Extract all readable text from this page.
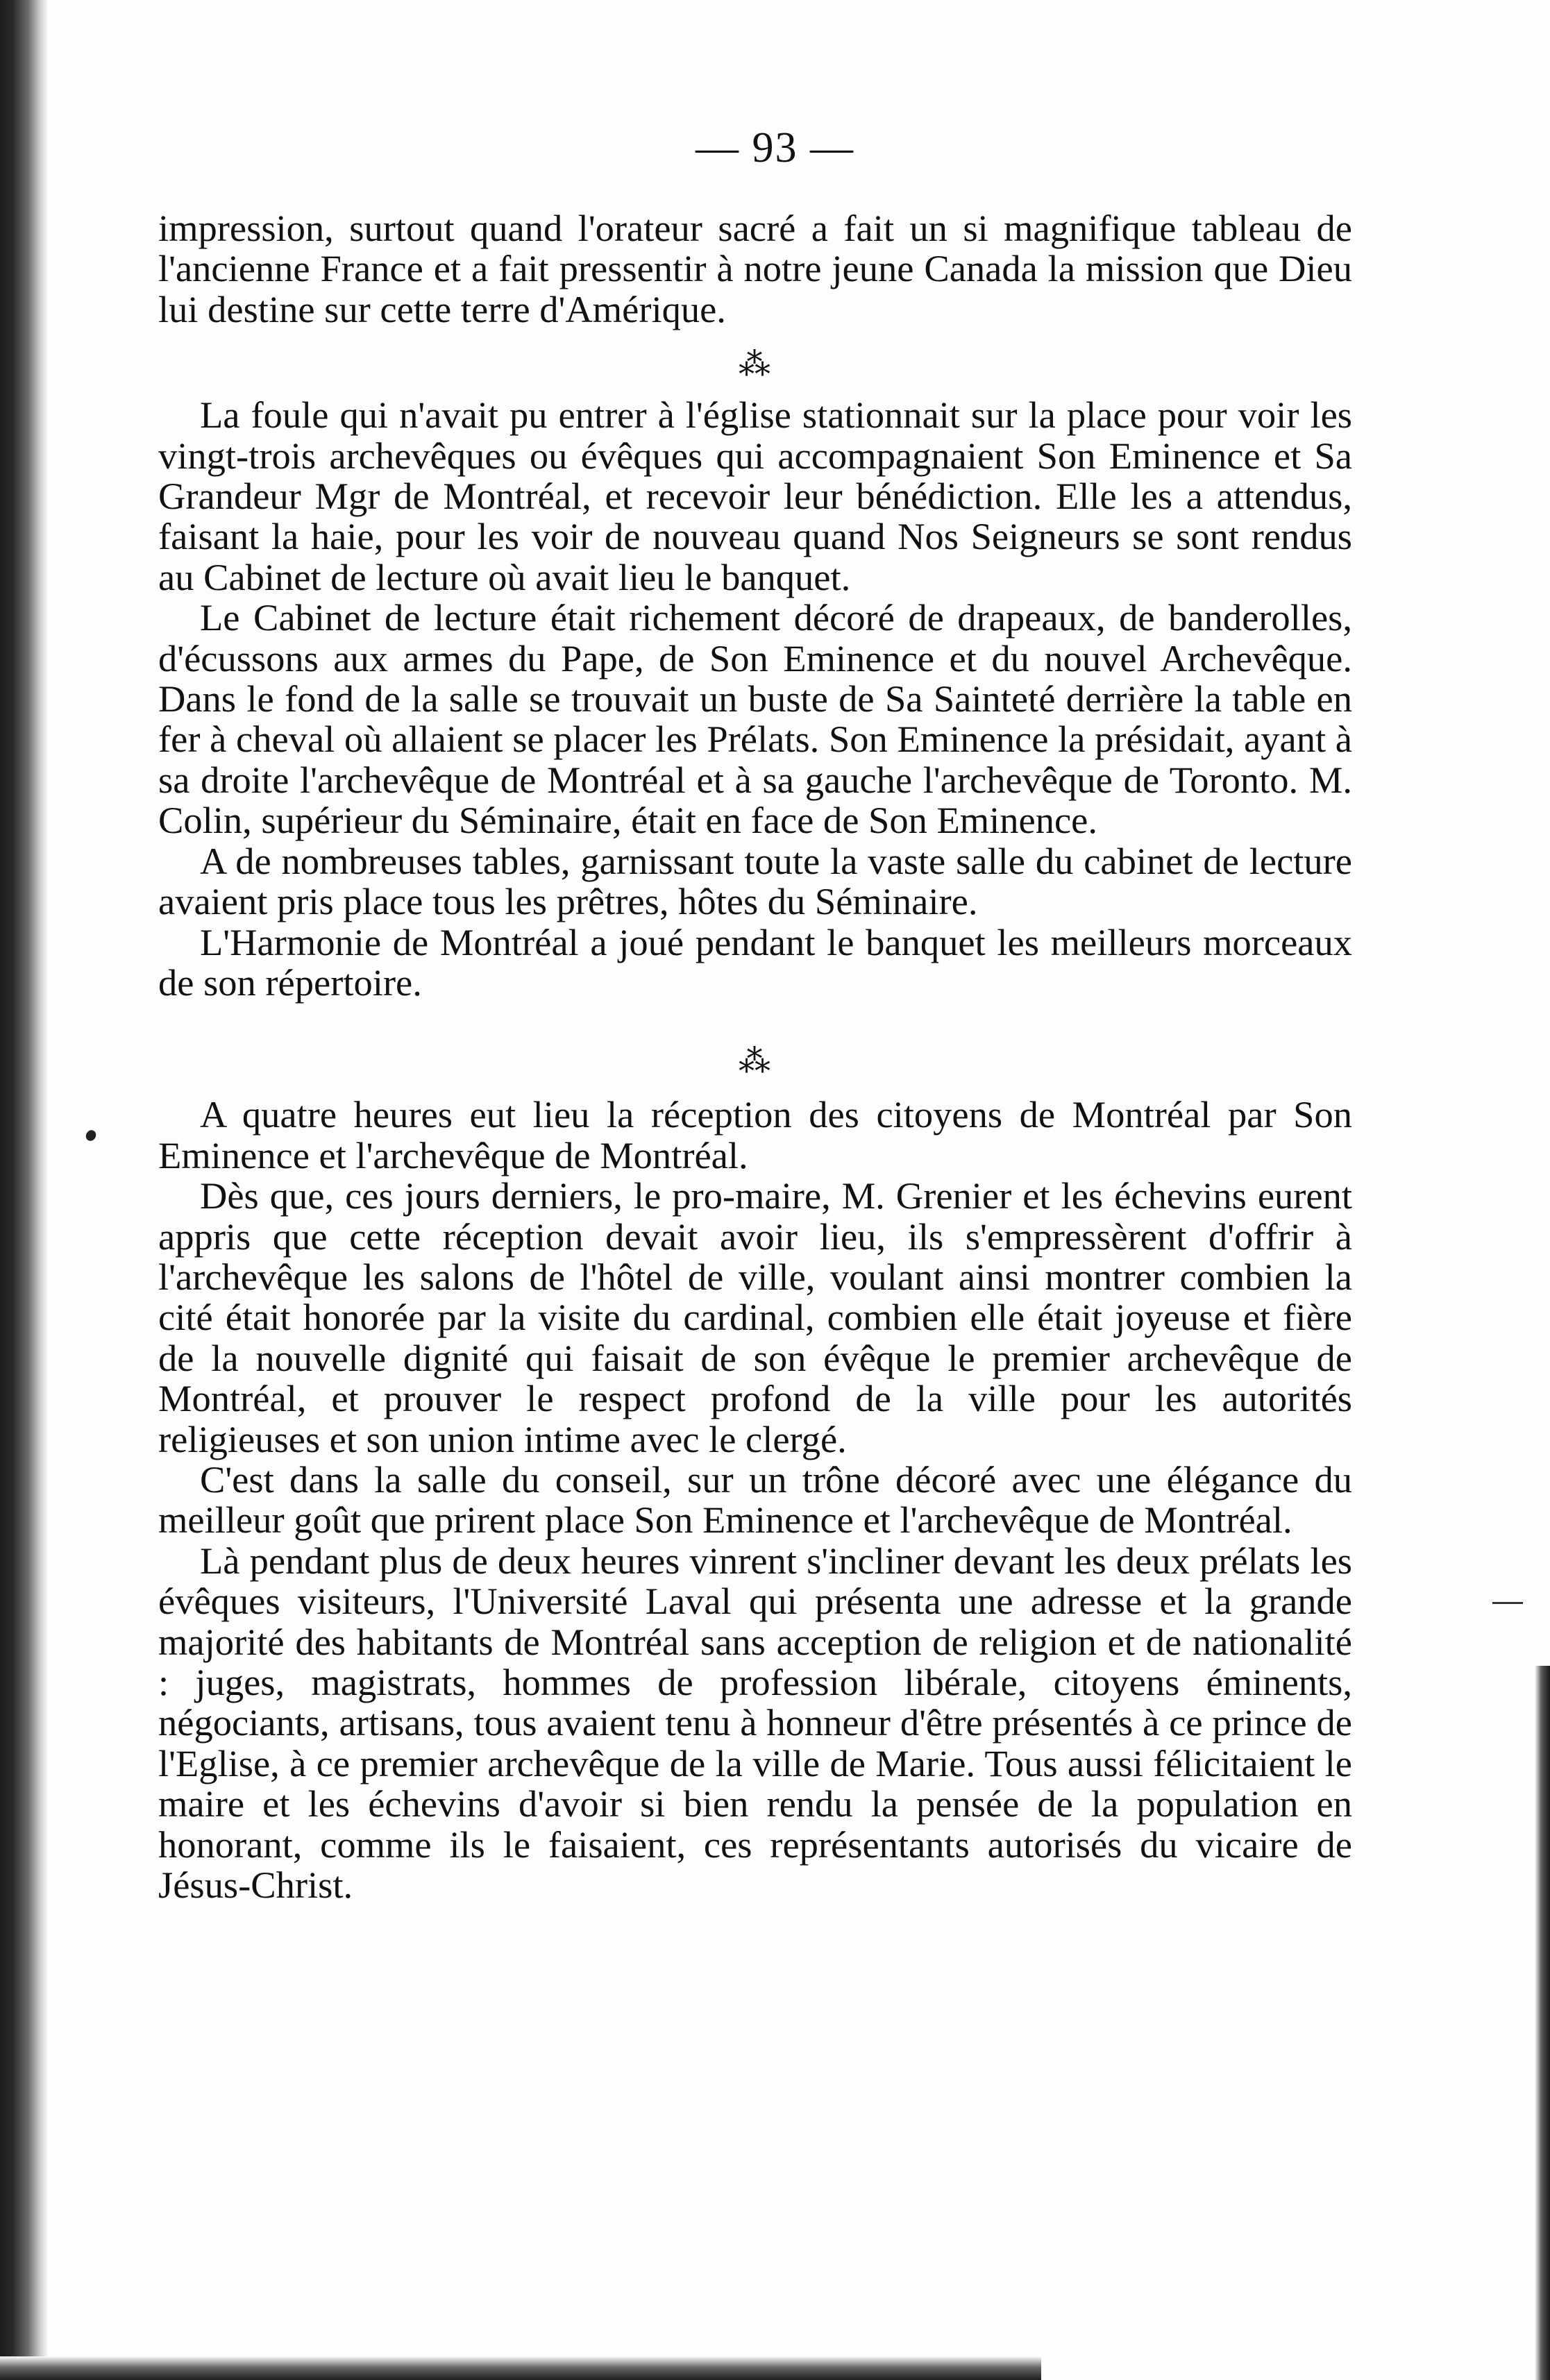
— 93 —

impression, surtout quand l'orateur sacré a fait un si magnifique tableau de l'ancienne France et a fait pressentir à notre jeune Canada la mission que Dieu lui destine sur cette terre d'Amérique.

⁂

La foule qui n'avait pu entrer à l'église stationnait sur la place pour voir les vingt-trois archevêques ou évêques qui accompagnaient Son Eminence et Sa Grandeur Mgr de Montréal, et recevoir leur bénédiction. Elle les a attendus, faisant la haie, pour les voir de nouveau quand Nos Seigneurs se sont rendus au Cabinet de lecture où avait lieu le banquet.

Le Cabinet de lecture était richement décoré de drapeaux, de banderolles, d'écussons aux armes du Pape, de Son Eminence et du nouvel Archevêque. Dans le fond de la salle se trouvait un buste de Sa Sainteté derrière la table en fer à cheval où allaient se placer les Prélats. Son Eminence la présidait, ayant à sa droite l'archevêque de Montréal et à sa gauche l'archevêque de Toronto. M. Colin, supérieur du Séminaire, était en face de Son Eminence.

A de nombreuses tables, garnissant toute la vaste salle du cabinet de lecture avaient pris place tous les prêtres, hôtes du Séminaire.

L'Harmonie de Montréal a joué pendant le banquet les meilleurs morceaux de son répertoire.

⁂

A quatre heures eut lieu la réception des citoyens de Montréal par Son Eminence et l'archevêque de Montréal.

Dès que, ces jours derniers, le pro-maire, M. Grenier et les échevins eurent appris que cette réception devait avoir lieu, ils s'empressèrent d'offrir à l'archevêque les salons de l'hôtel de ville, voulant ainsi montrer combien la cité était honorée par la visite du cardinal, combien elle était joyeuse et fière de la nouvelle dignité qui faisait de son évêque le premier archevêque de Montréal, et prouver le respect profond de la ville pour les autorités religieuses et son union intime avec le clergé.

C'est dans la salle du conseil, sur un trône décoré avec une élégance du meilleur goût que prirent place Son Eminence et l'archevêque de Montréal.

Là pendant plus de deux heures vinrent s'incliner devant les deux prélats les évêques visiteurs, l'Université Laval qui présenta une adresse et la grande majorité des habitants de Montréal sans acception de religion et de nationalité : juges, magistrats, hommes de profession libérale, citoyens éminents, négociants, artisans, tous avaient tenu à honneur d'être présentés à ce prince de l'Eglise, à ce premier archevêque de la ville de Marie. Tous aussi félicitaient le maire et les échevins d'avoir si bien rendu la pensée de la population en honorant, comme ils le faisaient, ces représentants autorisés du vicaire de Jésus-Christ.
